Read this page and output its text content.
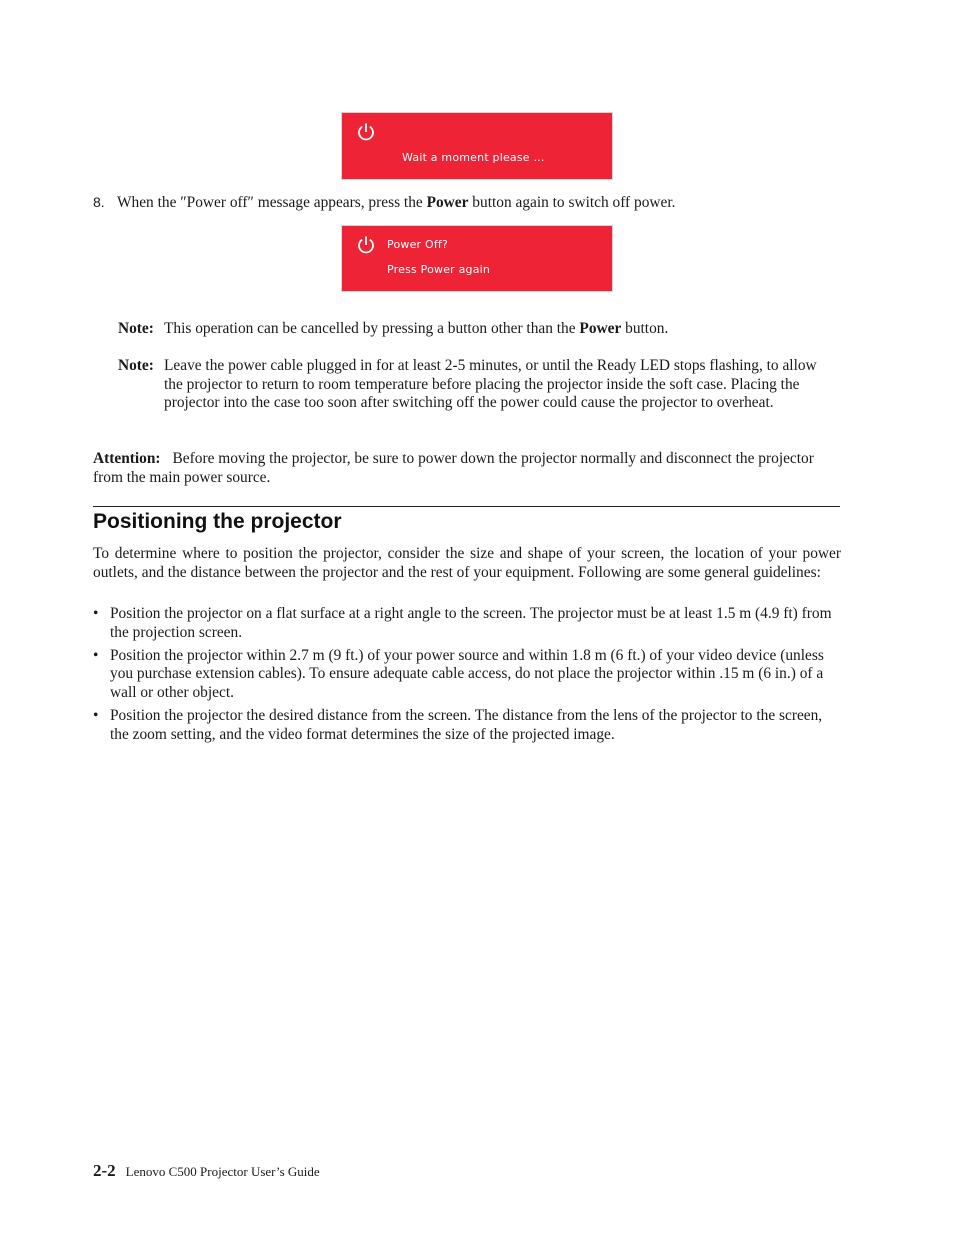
Wait a moment please ...
8. When the ″Power off″ message appears, press the Power button again to switch off power.
Power Off?
Press Power again
Note: This operation can be cancelled by pressing a button other than the Power button.
Note: Leave the power cable plugged in for at least 2-5 minutes, or until the Ready LED stops flashing, to allow the projector to return to room temperature before placing the projector inside the soft case. Placing the projector into the case too soon after switching off the power could cause the projector to overheat.
Attention: Before moving the projector, be sure to power down the projector normally and disconnect the projector from the main power source.
Positioning the projector
To determine where to position the projector, consider the size and shape of your screen, the location of your power outlets, and the distance between the projector and the rest of your equipment. Following are some general guidelines:
• Position the projector on a flat surface at a right angle to the screen. The projector must be at least 1.5 m (4.9 ft) from the projection screen.
• Position the projector within 2.7 m (9 ft.) of your power source and within 1.8 m (6 ft.) of your video device (unless you purchase extension cables). To ensure adequate cable access, do not place the projector within .15 m (6 in.) of a wall or other object.
• Position the projector the desired distance from the screen. The distance from the lens of the projector to the screen, the zoom setting, and the video format determines the size of the projected image.
2-2 Lenovo C500 Projector User’s Guide
